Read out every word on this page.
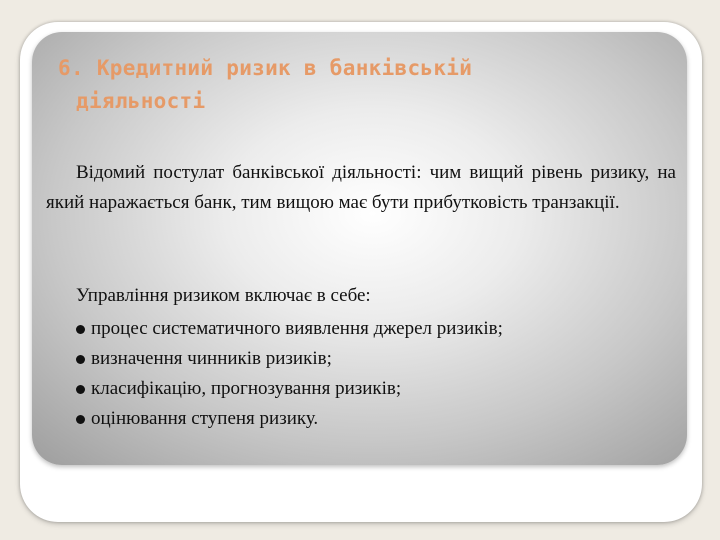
6. Кредитний ризик в банківській
діяльності
Відомий постулат банківської діяльності: чим вищий рівень ризику, на який наражається банк, тим вищою має бути прибутковість транзакції.
Управління ризиком включає в себе:
процес систематичного виявлення джерел ризиків;
визначення чинників ризиків;
класифікацію, прогнозування ризиків;
оцінювання ступеня ризику.
